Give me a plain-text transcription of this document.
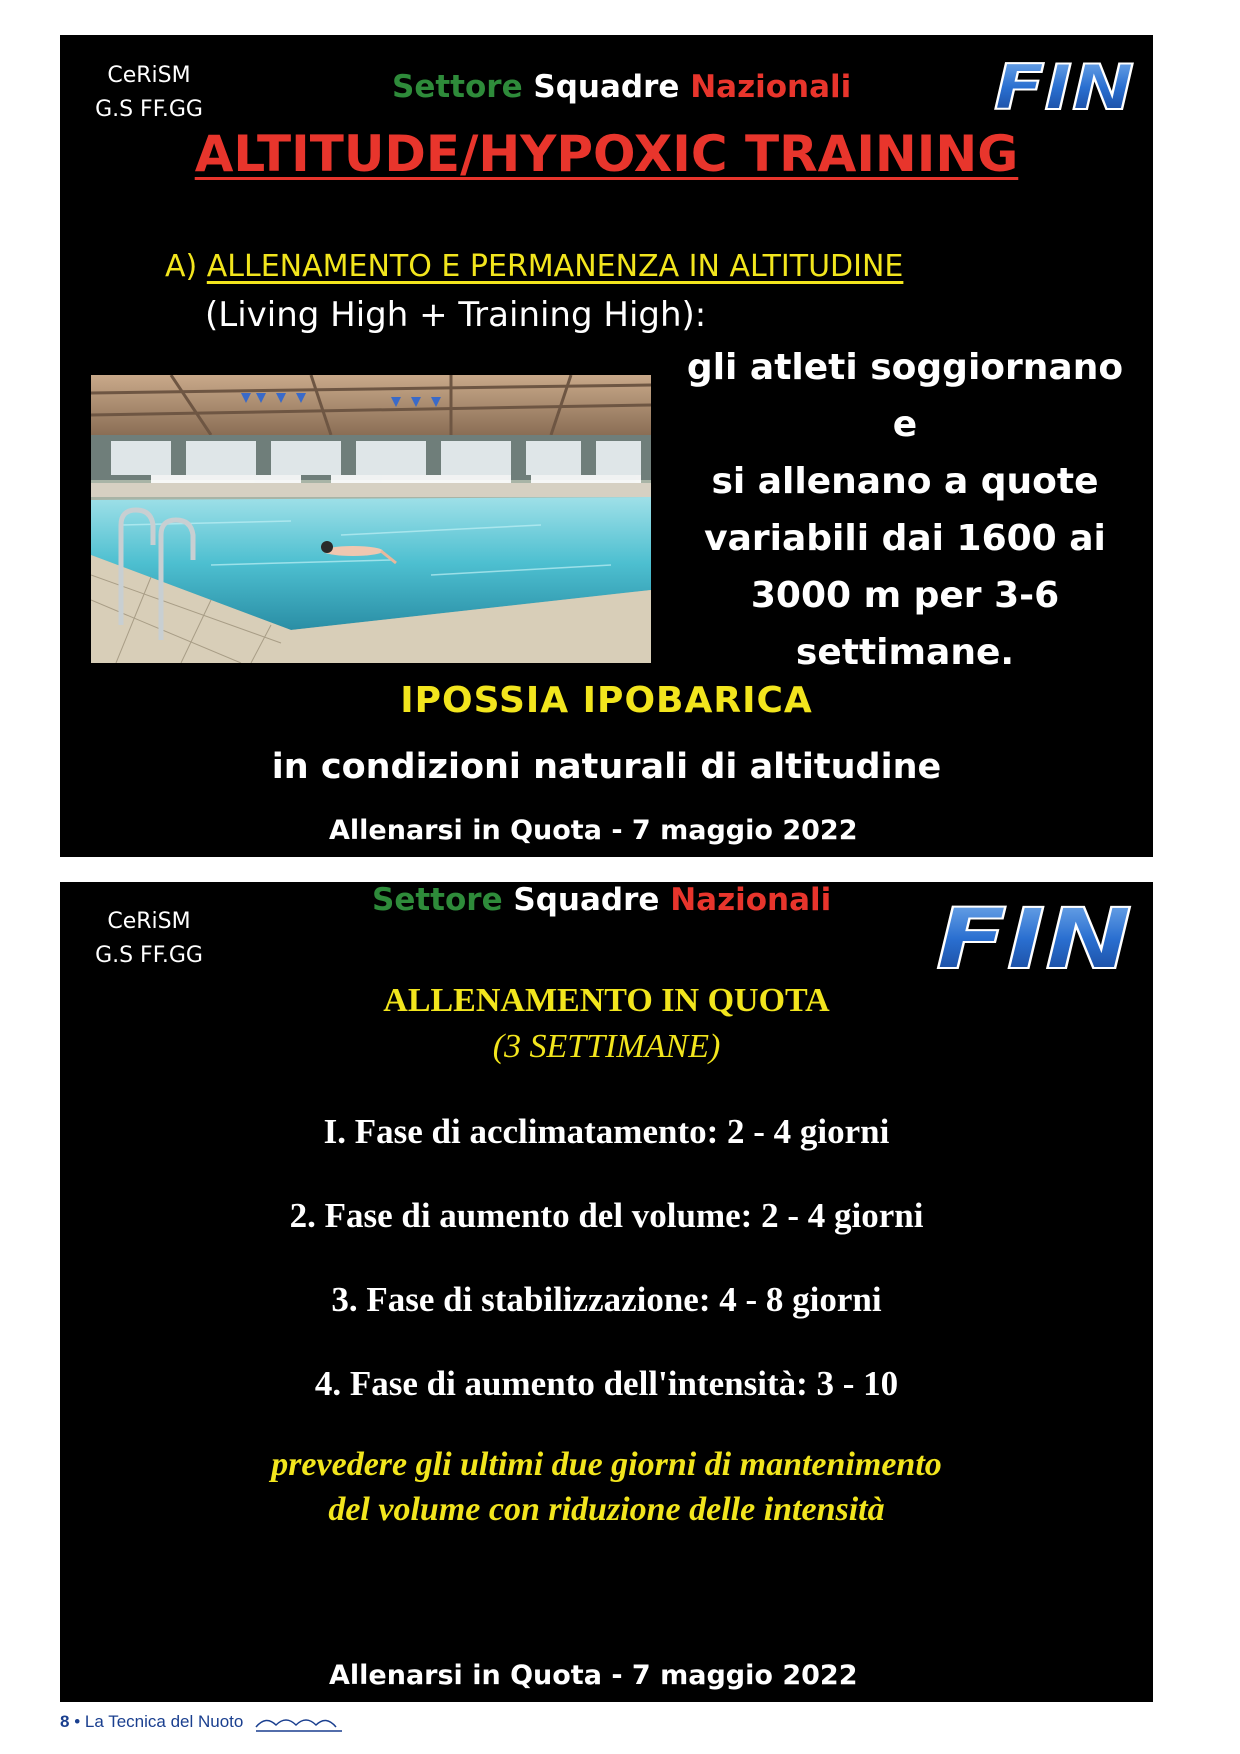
CeRiSM
G.S FF.GG
Settore Squadre Nazionali FIN
ALTITUDE/HYPOXIC TRAINING
A) ALLENAMENTO E PERMANENZA IN ALTITUDINE
(Living High + Training High):
gli atleti soggiornano e
si allenano a quote
variabili dai 1600 ai
3000 m per 3-6
settimane.
IPOSSIA IPOBARICA
in condizioni naturali di altitudine
Allenarsi in Quota - 7 maggio 2022
Settore Squadre Nazionali
CeRiSM
G.S FF.GG	FIN
ALLENAMENTO IN QUOTA
(3 SETTIMANE)
I. Fase di acclimatamento: 2 - 4 giorni
2. Fase di aumento del volume: 2 - 4 giorni
3. Fase di stabilizzazione: 4 - 8 giorni
4. Fase di aumento dell'intensità: 3 - 10
prevedere gli ultimi due giorni di mantenimento
del volume con riduzione delle intensità
Allenarsi in Quota - 7 maggio 2022
8 • La Tecnica del Nuoto
